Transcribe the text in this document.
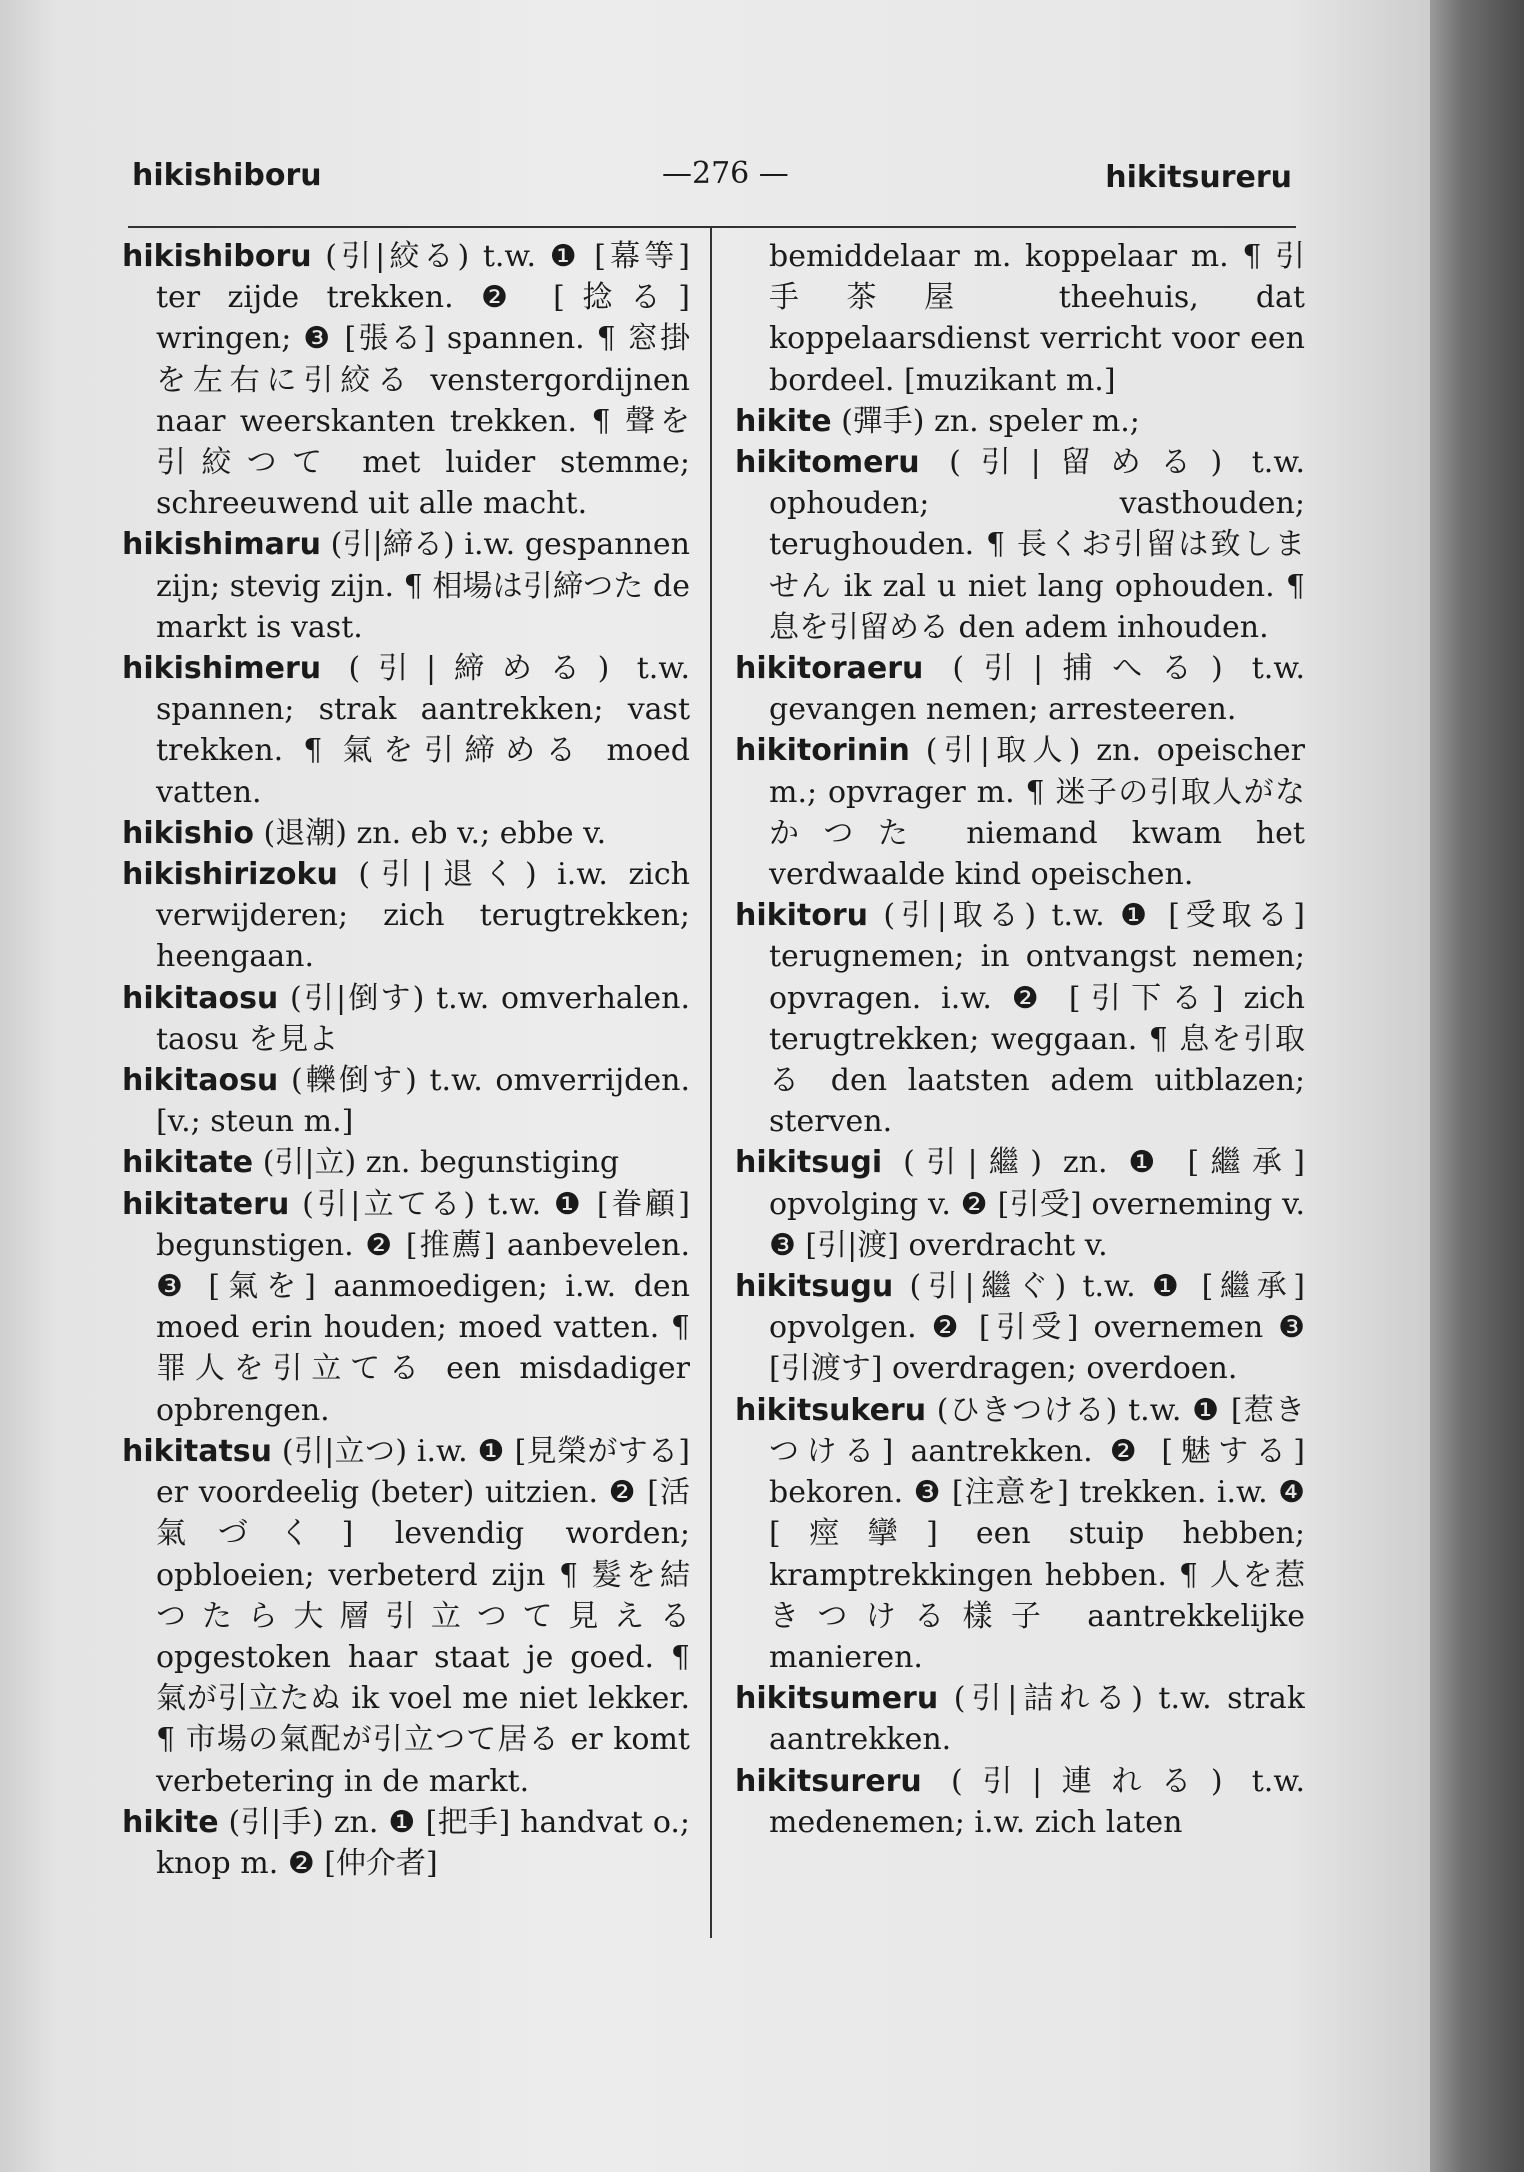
hikishiboru	—276 —	hikitsureru

hikishiboru (引|絞る) t.w. ❶ [幕等] ter zijde trekken. ❷ [捻る] wringen; ❸ [張る] spannen. ¶ 窓掛を左右に引絞る venstergordijnen naar weerskanten trekken. ¶ 聲を引絞つて met luider stemme; schreeuwend uit alle macht.

hikishimaru (引|締る) i.w. gespannen zijn; stevig zijn. ¶ 相場は引締つた de markt is vast.

hikishimeru (引|締める) t.w. spannen; strak aantrekken; vast trekken. ¶ 氣を引締める moed vatten.

hikishio (退潮) zn. eb v.; ebbe v.

hikishirizoku (引|退く) i.w. zich verwijderen; zich terugtrekken; heengaan.

hikitaosu (引|倒す) t.w. omverhalen. taosu を見よ

hikitaosu (轢倒す) t.w. omverrijden. [v.; steun m.]

hikitate (引|立) zn. begunstiging

hikitateru (引|立てる) t.w. ❶ [眷顧] begunstigen. ❷ [推薦] aanbevelen. ❸ [氣を] aanmoedigen; i.w. den moed erin houden; moed vatten. ¶ 罪人を引立てる een misdadiger opbrengen.

hikitatsu (引|立つ) i.w. ❶ [見榮がする] er voordeelig (beter) uitzien. ❷ [活氣づく] levendig worden; opbloeien; verbeterd zijn ¶ 髮を結つたら大層引立つて見える opgestoken haar staat je goed. ¶ 氣が引立たぬ ik voel me niet lekker. ¶ 市場の氣配が引立つて居る er komt verbetering in de markt.

hikite (引|手) zn. ❶ [把手] handvat o.; knop m. ❷ [仲介者]

bemiddelaar m. koppelaar m. ¶ 引手茶屋 theehuis, dat koppelaarsdienst verricht voor een bordeel. [muzikant m.]

hikite (彈手) zn. speler m.;

hikitomeru (引|留める) t.w. ophouden; vasthouden; terughouden. ¶ 長くお引留は致しません ik zal u niet lang ophouden. ¶ 息を引留める den adem inhouden.

hikitoraeru (引|捕へる) t.w. gevangen nemen; arresteeren.

hikitorinin (引|取人) zn. opeischer m.; opvrager m. ¶ 迷子の引取人がなかつた niemand kwam het verdwaalde kind opeischen.

hikitoru (引|取る) t.w. ❶ [受取る] terugnemen; in ontvangst nemen; opvragen. i.w. ❷ [引下る] zich terugtrekken; weggaan. ¶ 息を引取る den laatsten adem uitblazen; sterven.

hikitsugi (引|繼) zn. ❶ [繼承] opvolging v. ❷ [引受] overneming v. ❸ [引|渡] overdracht v.

hikitsugu (引|繼ぐ) t.w. ❶ [繼承] opvolgen. ❷ [引受] overnemen ❸ [引渡す] overdragen; overdoen.

hikitsukeru (ひきつける) t.w. ❶ [惹きつける] aantrekken. ❷ [魅する] bekoren. ❸ [注意を] trekken. i.w. ❹ [痙攣] een stuip hebben; kramptrekkingen hebben. ¶ 人を惹きつける樣子 aantrekkelijke manieren.

hikitsumeru (引|詰れる) t.w. strak aantrekken.

hikitsureru (引|連れる) t.w. medenemen; i.w. zich laten
